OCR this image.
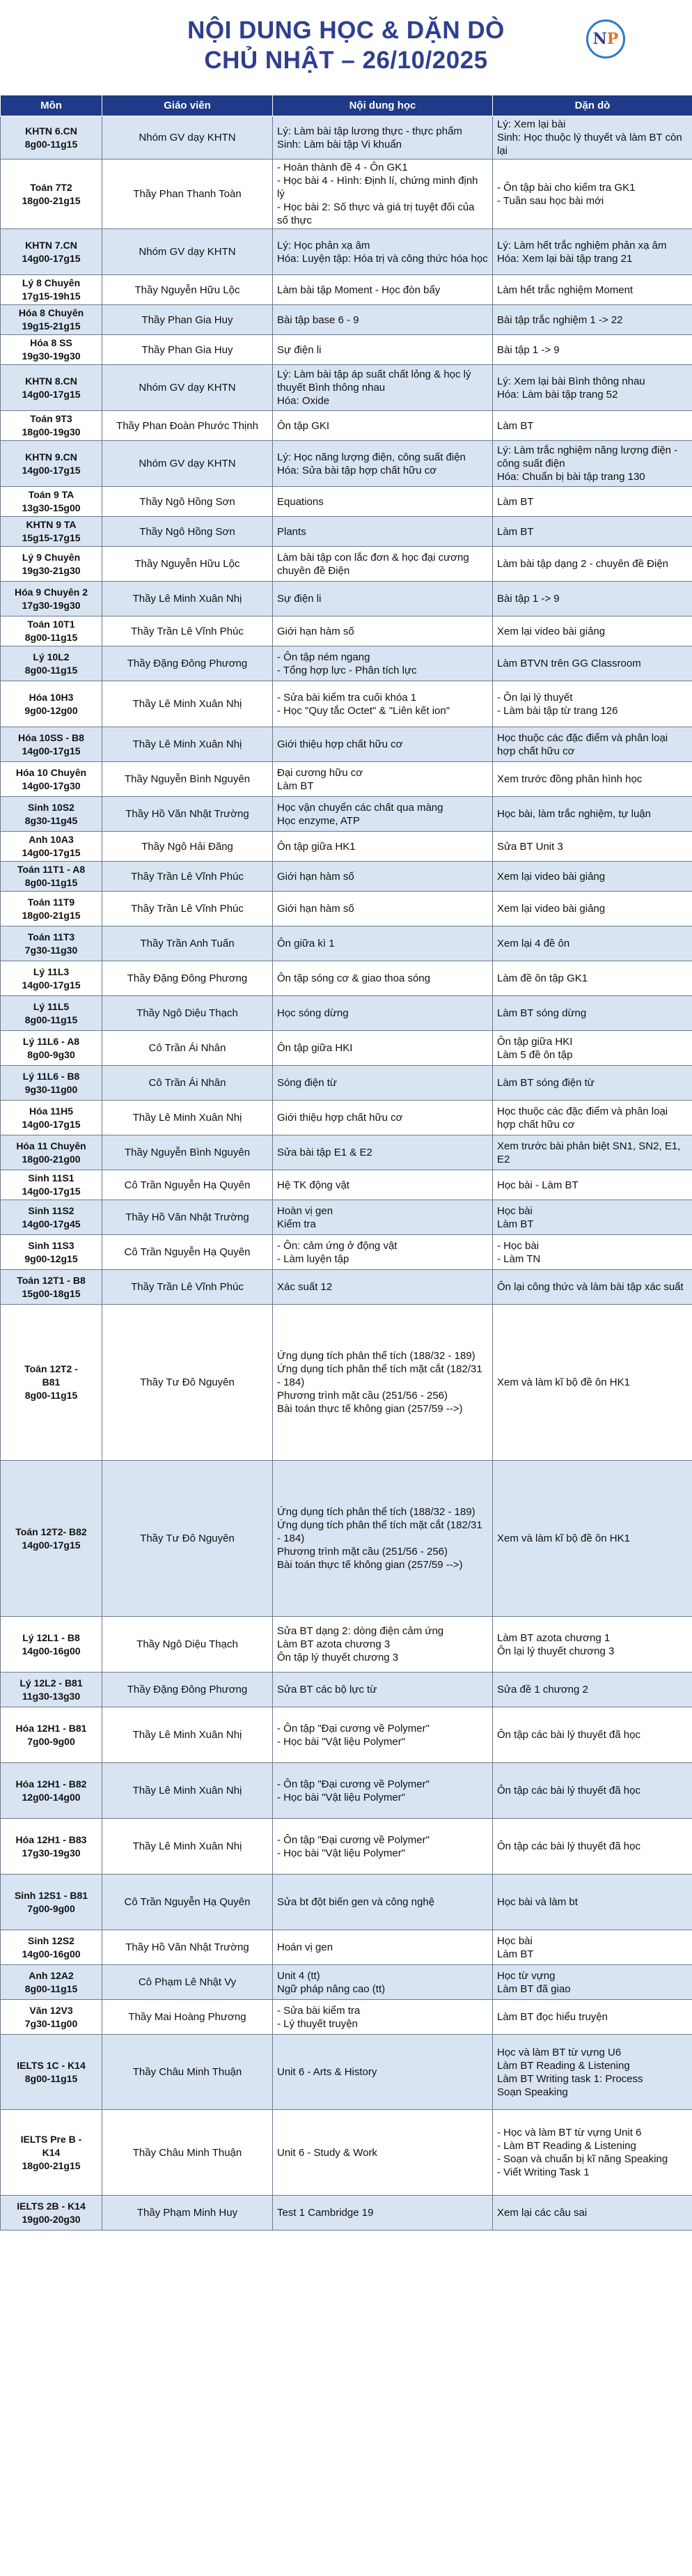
NỘI DUNG HỌC & DẶN DÒ
CHỦ NHẬT – 26/10/2025
N P

Môn	Giáo viên	Nội dung học	Dặn dò
KHTN 6.CN
8g00-11g15	Nhóm GV dạy KHTN	Lý: Làm bài tập lương thực - thực phẩm
Sinh: Làm bài tập Vi khuẩn	Lý: Xem lại bài
Sinh: Học thuộc lý thuyết và làm BT còn lại
Toán 7T2
18g00-21g15	Thầy Phan Thanh Toàn	- Hoàn thành đề 4 - Ôn GK1
- Học bài 4 - Hình: Định lí, chứng minh định lý
- Học bài 2: Số thực và giá trị tuyệt đối của số thực	- Ôn tập bài cho kiểm tra GK1
- Tuần sau học bài mới
KHTN 7.CN
14g00-17g15	Nhóm GV dạy KHTN	Lý: Học phản xạ âm
Hóa: Luyện tập: Hóa trị và công thức hóa học	Lý: Làm hết trắc nghiệm phản xạ âm
Hóa: Xem lại bài tập trang 21
Lý 8 Chuyên
17g15-19h15	Thầy Nguyễn Hữu Lộc	Làm bài tập Moment - Học đòn bẩy	Làm hết trắc nghiệm Moment
Hóa 8 Chuyên
19g15-21g15	Thầy Phan Gia Huy	Bài tập base 6 - 9	Bài tập trắc nghiệm 1 -> 22
Hóa 8 SS
19g30-19g30	Thầy Phan Gia Huy	Sự điện li	Bài tập 1 -> 9
KHTN 8.CN
14g00-17g15	Nhóm GV dạy KHTN	Lý: Làm bài tập áp suất chất lỏng & học lý thuyết Bình thông nhau
Hóa: Oxide	Lý: Xem lại bài Bình thông nhau
Hóa: Làm bài tập trang 52
Toán 9T3
18g00-19g30	Thầy Phan Đoàn Phước Thịnh	Ôn tập GKI	Làm BT
KHTN 9.CN
14g00-17g15	Nhóm GV dạy KHTN	Lý: Học năng lượng điện, công suất điện
Hóa: Sửa bài tập hợp chất hữu cơ	Lý: Làm trắc nghiệm năng lượng điện - công suất điện
Hóa: Chuẩn bị bài tập trang 130
Toán 9 TA
13g30-15g00	Thầy Ngô Hồng Sơn	Equations	Làm BT
KHTN 9 TA
15g15-17g15	Thầy Ngô Hồng Sơn	Plants	Làm BT
Lý 9 Chuyên
19g30-21g30	Thầy Nguyễn Hữu Lộc	Làm bài tập con lắc đơn & học đại cương chuyên đề Điện	Làm bài tập dạng 2 - chuyên đề Điện
Hóa 9 Chuyên 2
17g30-19g30	Thầy Lê Minh Xuân Nhị	Sự điện li	Bài tập 1 -> 9
Toán 10T1
8g00-11g15	Thầy Trần Lê Vĩnh Phúc	Giới hạn hàm số	Xem lại video bài giảng
Lý 10L2
8g00-11g15	Thầy Đặng Đông Phương	- Ôn tập ném ngang
- Tổng hợp lực - Phân tích lực	Làm BTVN trên GG Classroom
Hóa 10H3
9g00-12g00	Thầy Lê Minh Xuân Nhị	- Sửa bài kiểm tra cuối khóa 1
- Học "Quy tắc Octet" & "Liên kết ion"	- Ôn lại lý thuyết
- Làm bài tập từ trang 126
Hóa 10SS - B8
14g00-17g15	Thầy Lê Minh Xuân Nhị	Giới thiệu hợp chất hữu cơ	Học thuộc các đặc điểm và phân loại hợp chất hữu cơ
Hóa 10 Chuyên
14g00-17g30	Thầy Nguyễn Bình Nguyên	Đại cương hữu cơ
Làm BT	Xem trước đồng phân hình học
Sinh 10S2
8g30-11g45	Thầy Hồ Văn Nhật Trường	Học vận chuyển các chất qua màng
Học enzyme, ATP	Học bài, làm trắc nghiệm, tự luận
Anh 10A3
14g00-17g15	Thầy Ngô Hải Đăng	Ôn tập giữa HK1	Sửa BT Unit 3
Toán 11T1 - A8
8g00-11g15	Thầy Trần Lê Vĩnh Phúc	Giới hạn hàm số	Xem lại video bài giảng
Toán 11T9
18g00-21g15	Thầy Trần Lê Vĩnh Phúc	Giới hạn hàm số	Xem lại video bài giảng
Toán 11T3
7g30-11g30	Thầy Trần Anh Tuấn	Ôn giữa kì 1	Xem lại 4 đề ôn
Lý 11L3
14g00-17g15	Thầy Đặng Đông Phương	Ôn tập sóng cơ & giao thoa sóng	Làm đề ôn tập GK1
Lý 11L5
8g00-11g15	Thầy Ngô Diệu Thạch	Học sóng dừng	Làm BT sóng dừng
Lý 11L6 - A8
8g00-9g30	Cô Trần Ái Nhân	Ôn tập giữa HKI	Ôn tập giữa HKI
Làm 5 đề ôn tập
Lý 11L6 - B8
9g30-11g00	Cô Trần Ái Nhân	Sóng điện từ	Làm BT sóng điện từ
Hóa 11H5
14g00-17g15	Thầy Lê Minh Xuân Nhị	Giới thiệu hợp chất hữu cơ	Học thuộc các đặc điểm và phân loại hợp chất hữu cơ
Hóa 11 Chuyên
18g00-21g00	Thầy Nguyễn Bình Nguyên	Sửa bài tập E1 & E2	Xem trước bài phản biệt SN1, SN2, E1, E2
Sinh 11S1
14g00-17g15	Cô Trần Nguyễn Hạ Quyên	Hệ TK động vật	Học bài - Làm BT
Sinh 11S2
14g00-17g45	Thầy Hồ Văn Nhật Trường	Hoàn vị gen
Kiểm tra	Học bài
Làm BT
Sinh 11S3
9g00-12g15	Cô Trần Nguyễn Hạ Quyên	- Ôn: cảm ứng ở động vật
- Làm luyện tập	- Học bài
- Làm TN
Toán 12T1 - B8
15g00-18g15	Thầy Trần Lê Vĩnh Phúc	Xác suất 12	Ôn lại công thức và làm bài tập xác suất
Toán 12T2 -
B81
8g00-11g15	Thầy Tư Đô Nguyên	Ứng dụng tích phân thể tích (188/32 - 189)
Ứng dụng tích phân thể tích mặt cắt (182/31 - 184)
Phương trình mặt cầu (251/56 - 256)
Bài toán thực tế không gian (257/59 -->)	Xem và làm kĩ bộ đề ôn HK1
Toán 12T2- B82
14g00-17g15	Thầy Tư Đô Nguyên	Ứng dụng tích phân thể tích (188/32 - 189)
Ứng dụng tích phân thể tích mặt cắt (182/31 - 184)
Phương trình mặt cầu (251/56 - 256)
Bài toán thực tế không gian (257/59 -->)	Xem và làm kĩ bộ đề ôn HK1
Lý 12L1 - B8
14g00-16g00	Thầy Ngô Diệu Thạch	Sửa BT dạng 2: dòng điện cảm ứng
Làm BT azota chương 3
Ôn tập lý thuyết chương 3	Làm BT azota chương 1
Ôn lại lý thuyết chương 3
Lý 12L2 - B81
11g30-13g30	Thầy Đặng Đông Phương	Sửa BT các bộ lực từ	Sửa đề 1 chương 2
Hóa 12H1 - B81
7g00-9g00	Thầy Lê Minh Xuân Nhị	- Ôn tập "Đại cương về Polymer"
- Học bài "Vật liệu Polymer"	Ôn tập các bài lý thuyết đã học
Hóa 12H1 - B82
12g00-14g00	Thầy Lê Minh Xuân Nhị	- Ôn tập "Đại cương về Polymer"
- Học bài "Vật liệu Polymer"	Ôn tập các bài lý thuyết đã học
Hóa 12H1 - B83
17g30-19g30	Thầy Lê Minh Xuân Nhị	- Ôn tập "Đại cương về Polymer"
- Học bài "Vật liệu Polymer"	Ôn tập các bài lý thuyết đã học
Sinh 12S1 - B81
7g00-9g00	Cô Trần Nguyễn Hạ Quyên	Sửa bt đột biến gen và công nghệ	Học bài và làm bt
Sinh 12S2
14g00-16g00	Thầy Hồ Văn Nhật Trường	Hoán vị gen	Học bài
Làm BT
Anh 12A2
8g00-11g15	Cô Phạm Lê Nhật Vy	Unit 4 (tt)
Ngữ pháp nâng cao (tt)	Học từ vựng
Làm BT đã giao
Văn 12V3
7g30-11g00	Thầy Mai Hoàng Phương	- Sửa bài kiểm tra
- Lý thuyết truyện	Làm BT đọc hiểu truyện
IELTS 1C - K14
8g00-11g15	Thầy Châu Minh Thuận	Unit 6 - Arts & History	Học và làm BT từ vựng U6
Làm BT Reading & Listening
Làm BT Writing task 1: Process
Soạn Speaking
IELTS Pre B -
K14
18g00-21g15	Thầy Châu Minh Thuận	Unit 6 - Study & Work	- Học và làm BT từ vựng Unit 6
- Làm BT Reading & Listening
- Soạn và chuẩn bị kĩ năng Speaking
- Viết Writing Task 1
IELTS 2B - K14
19g00-20g30	Thầy Phạm Minh Huy	Test 1 Cambridge 19	Xem lại các câu sai
